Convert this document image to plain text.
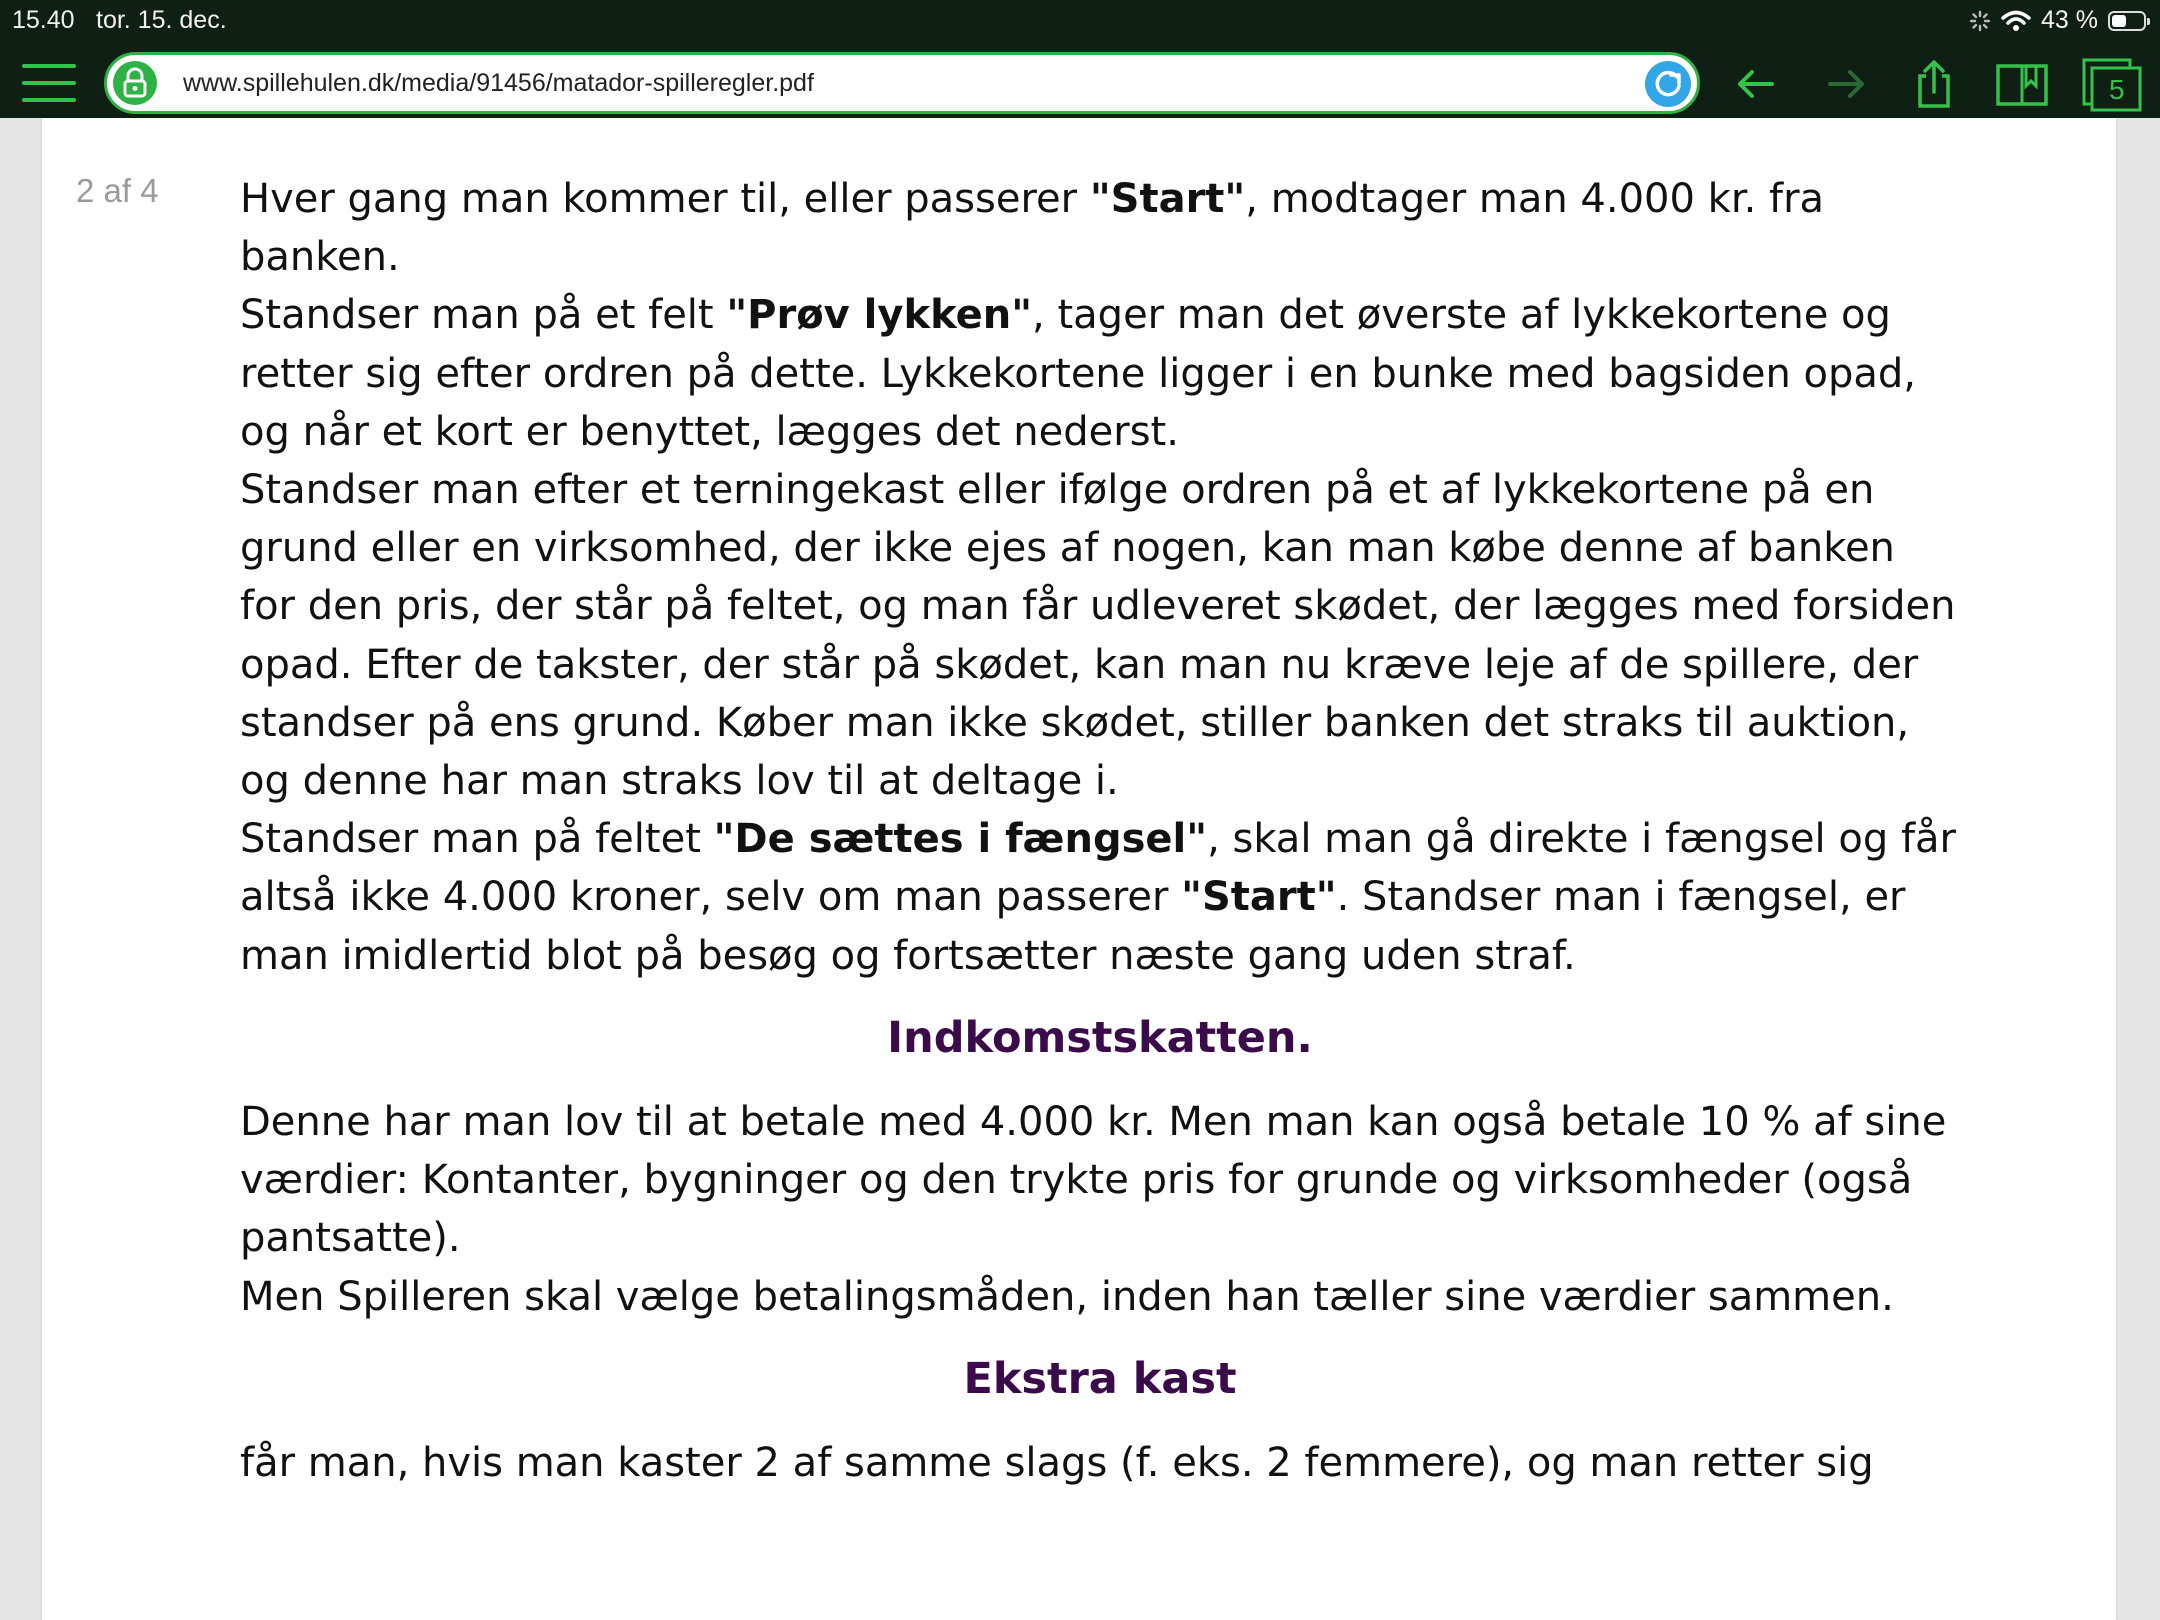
15.40 tor. 15. dec.	43 %
www.spillehulen.dk/media/91456/matador-spilleregler.pdf	5
2 af 4 Hver gang man kommer til, eller passerer "Start", modtager man 4.000 kr. fra banken.

Standser man på et felt "Prøv lykken", tager man det øverste af lykkekortene og retter sig efter ordren på dette. Lykkekortene ligger i en bunke med bagsiden opad, og når et kort er benyttet, lægges det nederst.

Standser man efter et terningekast eller ifølge ordren på et af lykkekortene på en grund eller en virksomhed, der ikke ejes af nogen, kan man købe denne af banken for den pris, der står på feltet, og man får udleveret skødet, der lægges med forsiden opad. Efter de takster, der står på skødet, kan man nu kræve leje af de spillere, der standser på ens grund. Køber man ikke skødet, stiller banken det straks til auktion, og denne har man straks lov til at deltage i.

Standser man på feltet "De sættes i fængsel", skal man gå direkte i fængsel og får altså ikke 4.000 kroner, selv om man passerer "Start". Standser man i fængsel, er man imidlertid blot på besøg og fortsætter næste gang uden straf.

Indkomstskatten.

Denne har man lov til at betale med 4.000 kr. Men man kan også betale 10 % af sine værdier: Kontanter, bygninger og den trykte pris for grunde og virksomheder (også pantsatte).

Men Spilleren skal vælge betalingsmåden, inden han tæller sine værdier sammen.

Ekstra kast

får man, hvis man kaster 2 af samme slags (f. eks. 2 femmere), og man retter sig
